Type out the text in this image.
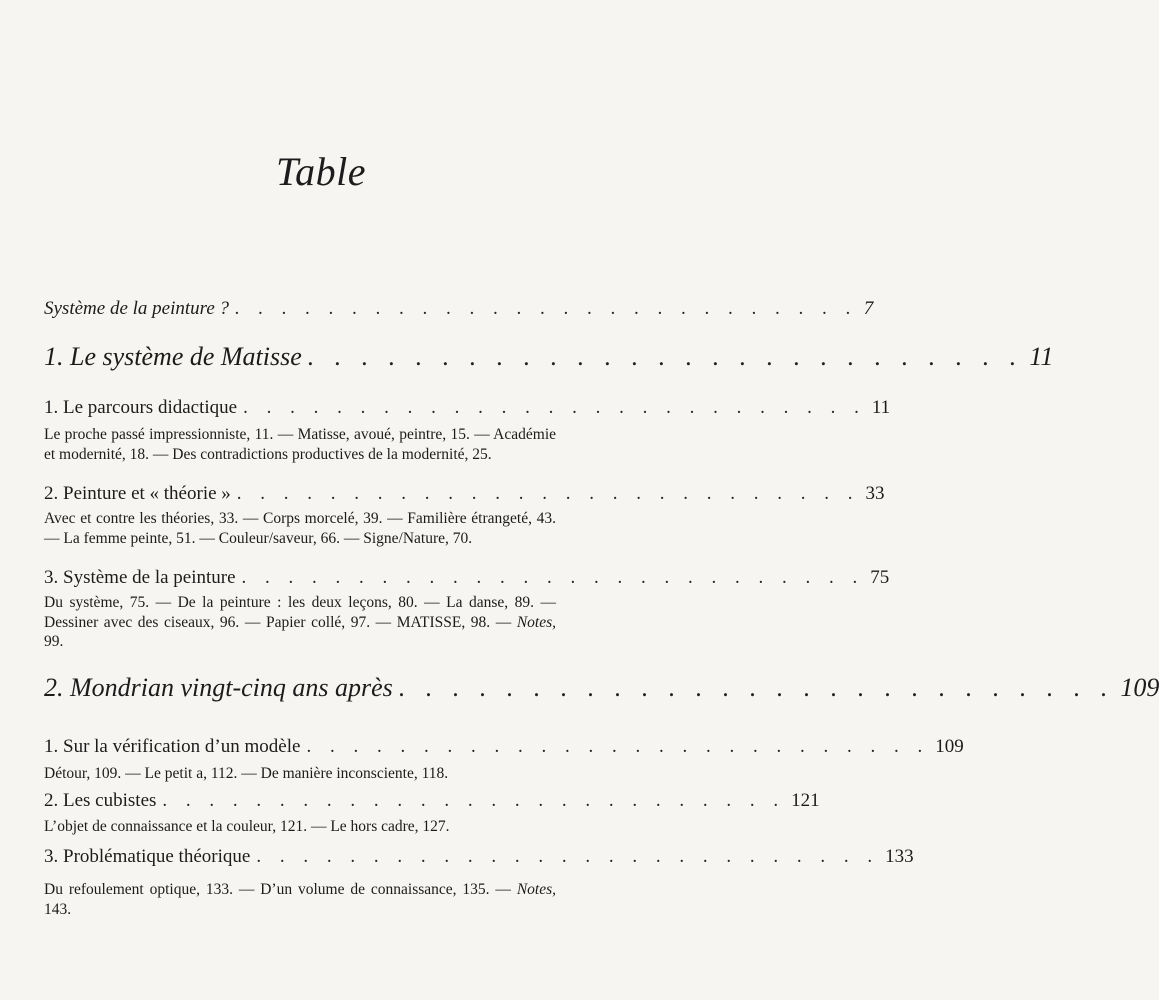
Table
Système de la peinture ? . . . . . . . . . . . . . . . . . . . . . . . . . . . 7
1. Le système de Matisse . . . . . . . . . . . . . . . . . . . . . . . . . . . 11
1. Le parcours didactique . . . . . . . . . . . . . . . . . . . . . . . . . . . 11
Le proche passé impressionniste, 11. — Matisse, avoué, peintre, 15. — Académie et modernité, 18. — Des contradictions productives de la modernité, 25.
2. Peinture et « théorie » . . . . . . . . . . . . . . . . . . . . . . . . . . . 33
Avec et contre les théories, 33. — Corps morcelé, 39. — Familière étrangeté, 43. — La femme peinte, 51. — Couleur/saveur, 66. — Signe/Nature, 70.
3. Système de la peinture . . . . . . . . . . . . . . . . . . . . . . . . . . . 75
Du système, 75. — De la peinture : les deux leçons, 80. — La danse, 89. — Dessiner avec des ciseaux, 96. — Papier collé, 97. — MATISSE, 98. — Notes, 99.
2. Mondrian vingt-cinq ans après . . . . . . . . . . . . . . . . . . . . . . . . . . . 109
1. Sur la vérification d’un modèle . . . . . . . . . . . . . . . . . . . . . . . . . . . 109
Détour, 109. — Le petit a, 112. — De manière inconsciente, 118.
2. Les cubistes . . . . . . . . . . . . . . . . . . . . . . . . . . . 121
L’objet de connaissance et la couleur, 121. — Le hors cadre, 127.
3. Problématique théorique . . . . . . . . . . . . . . . . . . . . . . . . . . . 133
Du refoulement optique, 133. — D’un volume de connaissance, 135. — Notes, 143.
